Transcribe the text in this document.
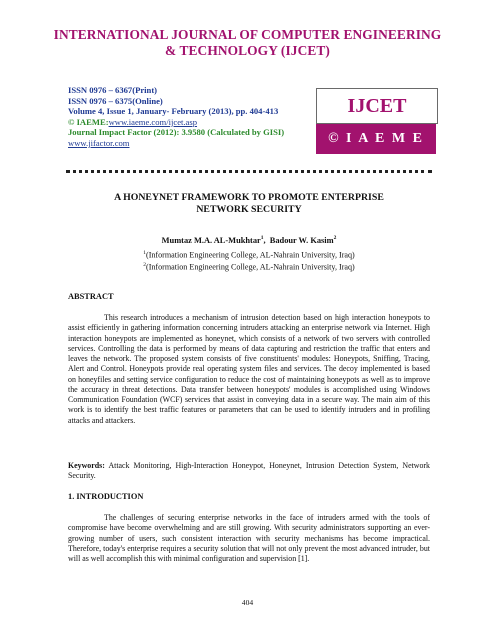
INTERNATIONAL JOURNAL OF COMPUTER ENGINEERING
& TECHNOLOGY (IJCET)
ISSN 0976 – 6367(Print)
ISSN 0976 – 6375(Online)
Volume 4, Issue 1, January- February (2013), pp. 404-413
© IAEME:www.iaeme.com/ijcet.asp
Journal Impact Factor (2012): 3.9580 (Calculated by GISI)
www.jifactor.com
IJCET
© I A E M E
A HONEYNET FRAMEWORK TO PROMOTE ENTERPRISE
NETWORK SECURITY
Mumtaz M.A. AL-Mukhtar$^1$,  Badour W. Kasim$^2$
$^1$(Information Engineering College, AL-Nahrain University, Iraq)
$^2$(Information Engineering College, AL-Nahrain University, Iraq)
ABSTRACT
This research introduces a mechanism of intrusion detection based on high interaction honeypots to assist efficiently in gathering information concerning intruders attacking an enterprise network via Internet. High interaction honeypots are implemented as honeynet, which consists of a network of two servers with controlled services. Controlling the data is performed by means of data capturing and restriction the traffic that enters and leaves the network. The proposed system consists of five constituents' modules: Honeypots, Sniffing, Tracing, Alert and Control. Honeypots provide real operating system files and services. The decoy implemented is based on honeyfiles and setting service configuration to reduce the cost of maintaining honeypots as well as to improve the accuracy in threat detections. Data transfer between honeypots' modules is accomplished using Windows Communication Foundation (WCF) services that assist in conveying data in a secure way. The main aim of this work is to identify the best traffic features or parameters that can be used to identify intruders and in profiling attacks and attackers.
Keywords: Attack Monitoring, High-Interaction Honeypot, Honeynet, Intrusion Detection System, Network Security.
1. INTRODUCTION
The challenges of securing enterprise networks in the face of intruders armed with the tools of compromise have become overwhelming and are still growing. With security administrators supporting an ever-growing number of users, such consistent interaction with security mechanisms has become impractical. Therefore, today's enterprise requires a security solution that will not only prevent the most advanced intruder, but will as well accomplish this with minimal configuration and supervision [1].
404
